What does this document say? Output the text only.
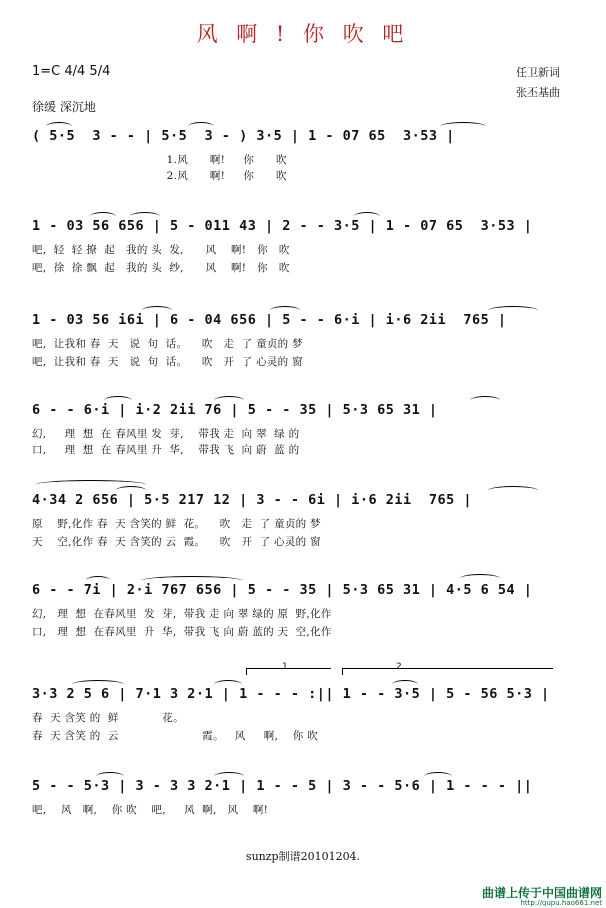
风 啊 ! 你 吹 吧
1=C 4/4 5/4	任卫新词
张丕基曲
徐缓 深沉地
( 5·5  3 - - | 5·5  3 - ) 3·5 | 1 - 07 65  3·53 |
1.风      啊!     你      吹
2.风      啊!     你      吹
1 - 03 56 656 | 5 - 011 43 | 2 - - 3·5 | 1 - 07 65  3·53 |
吧,  轻  轻 撩  起   我的 头  发,      风    啊!   你   吹
吧,  徐  徐 飘  起   我的 头  纱,      风    啊!   你   吹
1 - 03 56 i6i | 6 - 04 656 | 5 - - 6·i | i·6 2ii  765 |
吧,  让我和 春  天   说  句  话。    吹   走  了 童贞的 梦
吧,  让我和 春  天   说  句  话。    吹   开  了 心灵的 窗
6 - - 6·i | i·2 2ii 76 | 5 - - 35 | 5·3 65 31 |
幻,     理  想  在 春风里 发  芽,    带我 走  向 翠  绿 的
口,     理  想  在 春风里 升  华,    带我 飞  向 蔚  蓝 的
4·34 2 656 | 5·5 217 12 | 3 - - 6i | i·6 2ii  765 |
原    野,化作 春  天 含笑的 鲜  花。    吹   走  了 童贞的 梦
天    空,化作 春  天 含笑的 云  霞。    吹   开  了 心灵的 窗
6 - - 7i | 2·i 767 656 | 5 - - 35 | 5·3 65 31 | 4·5 6 54 |
幻,   理  想  在春风里  发  芽,  带我 走 向 翠 绿的 原  野,化作
口,   理  想  在春风里  升  华,  带我 飞 向 蔚 蓝的 天  空,化作
1	2
3·3 2 5 6 | 7·1 3 2·1 | 1 - - - :|| 1 - - 3·5 | 5 - 56 5·3 |
春  天 含笑 的  鲜            花。
春  天 含笑 的  云                       霞。   风     啊,    你 吹
5 - - 5·3 | 3 - 3 3 2·1 | 1 - - 5 | 3 - - 5·6 | 1 - - - ||
吧,    风   啊,    你 吹    吧,     风  啊,   风    啊!
sunzp制谱20101204.
曲谱上传于中国曲谱网
http://qupu.hao661.net
